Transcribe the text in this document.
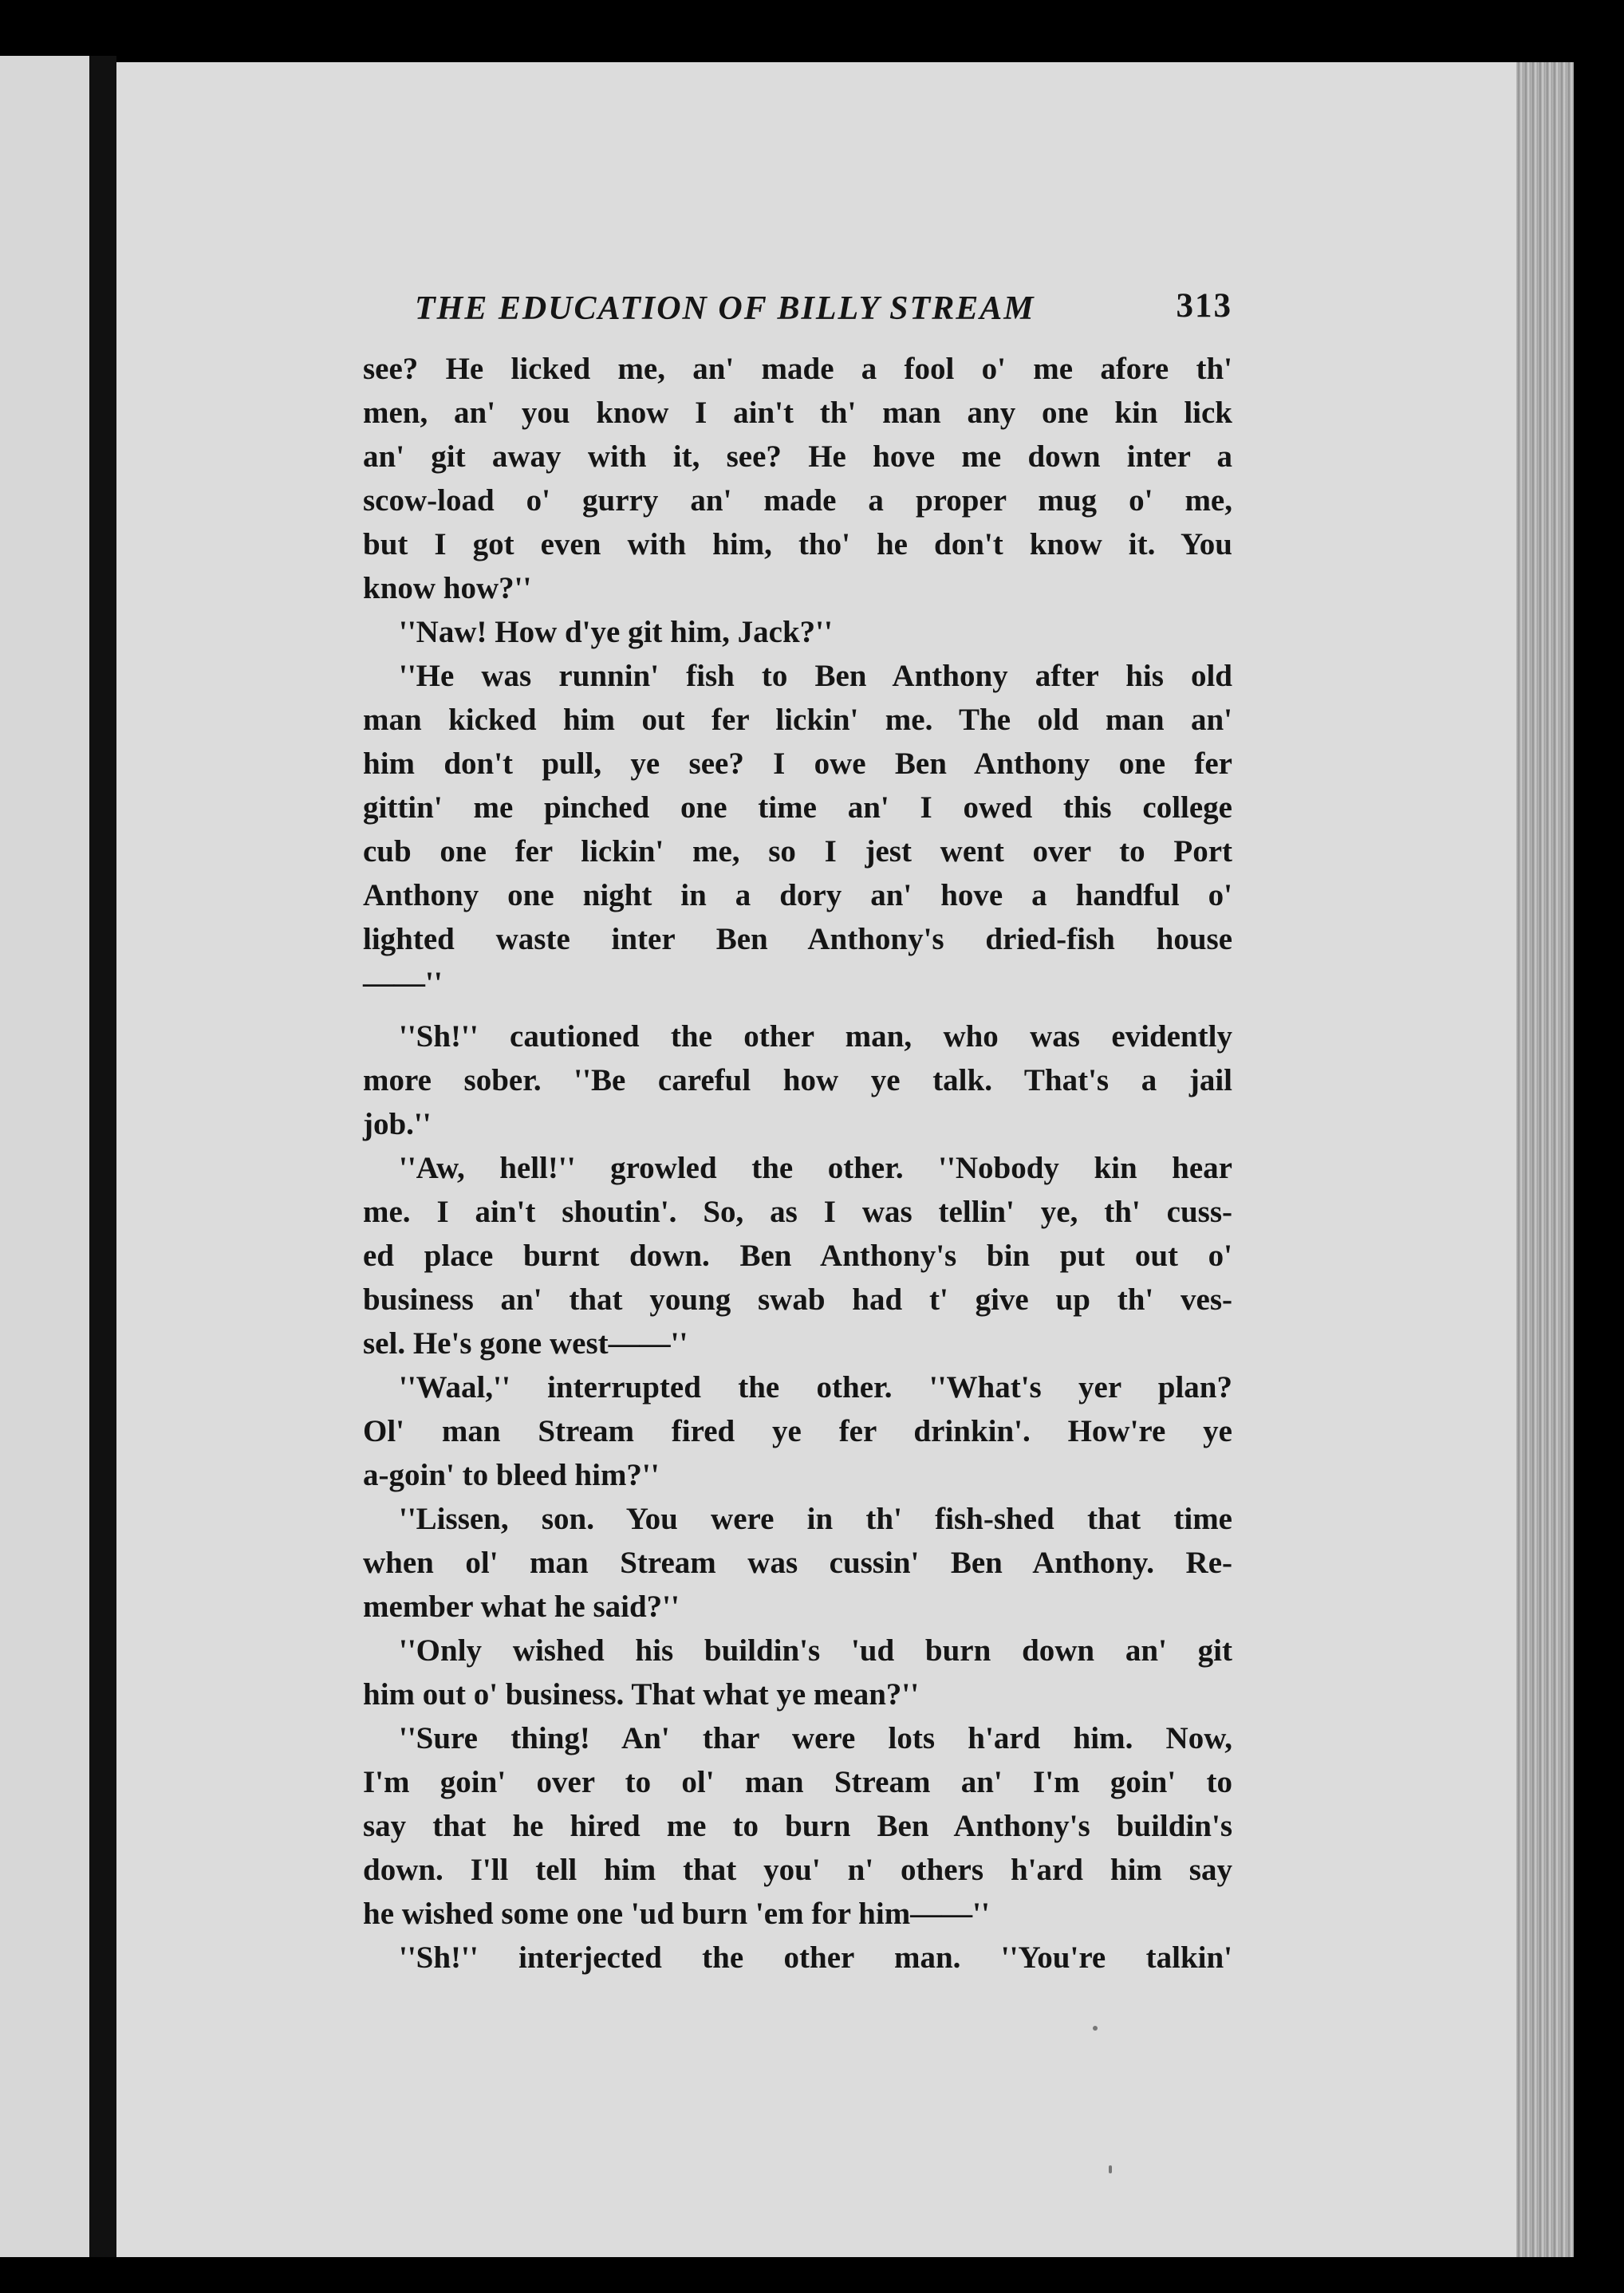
THE EDUCATION OF BILLY STREAM	313
see? He licked me, an' made a fool o' me afore th'
men, an' you know I ain't th' man any one kin lick
an' git away with it, see? He hove me down inter a
scow-load o' gurry an' made a proper mug o' me,
but I got even with him, tho' he don't know it. You
know how?''
''Naw! How d'ye git him, Jack?''
''He was runnin' fish to Ben Anthony after his old
man kicked him out fer lickin' me. The old man an'
him don't pull, ye see? I owe Ben Anthony one fer
gittin' me pinched one time an' I owed this college
cub one fer lickin' me, so I jest went over to Port
Anthony one night in a dory an' hove a handful o'
lighted waste inter Ben Anthony's dried-fish house
——''
''Sh!'' cautioned the other man, who was evidently
more sober. ''Be careful how ye talk. That's a jail
job.''
''Aw, hell!'' growled the other. ''Nobody kin hear
me. I ain't shoutin'. So, as I was tellin' ye, th' cuss-
ed place burnt down. Ben Anthony's bin put out o'
business an' that young swab had t' give up th' ves-
sel. He's gone west——''
''Waal,'' interrupted the other. ''What's yer plan?
Ol' man Stream fired ye fer drinkin'. How're ye
a-goin' to bleed him?''
''Lissen, son. You were in th' fish-shed that time
when ol' man Stream was cussin' Ben Anthony. Re-
member what he said?''
''Only wished his buildin's 'ud burn down an' git
him out o' business. That what ye mean?''
''Sure thing! An' thar were lots h'ard him. Now,
I'm goin' over to ol' man Stream an' I'm goin' to
say that he hired me to burn Ben Anthony's buildin's
down. I'll tell him that you' n' others h'ard him say
he wished some one 'ud burn 'em for him——''
''Sh!'' interjected the other man. ''You're talkin'
